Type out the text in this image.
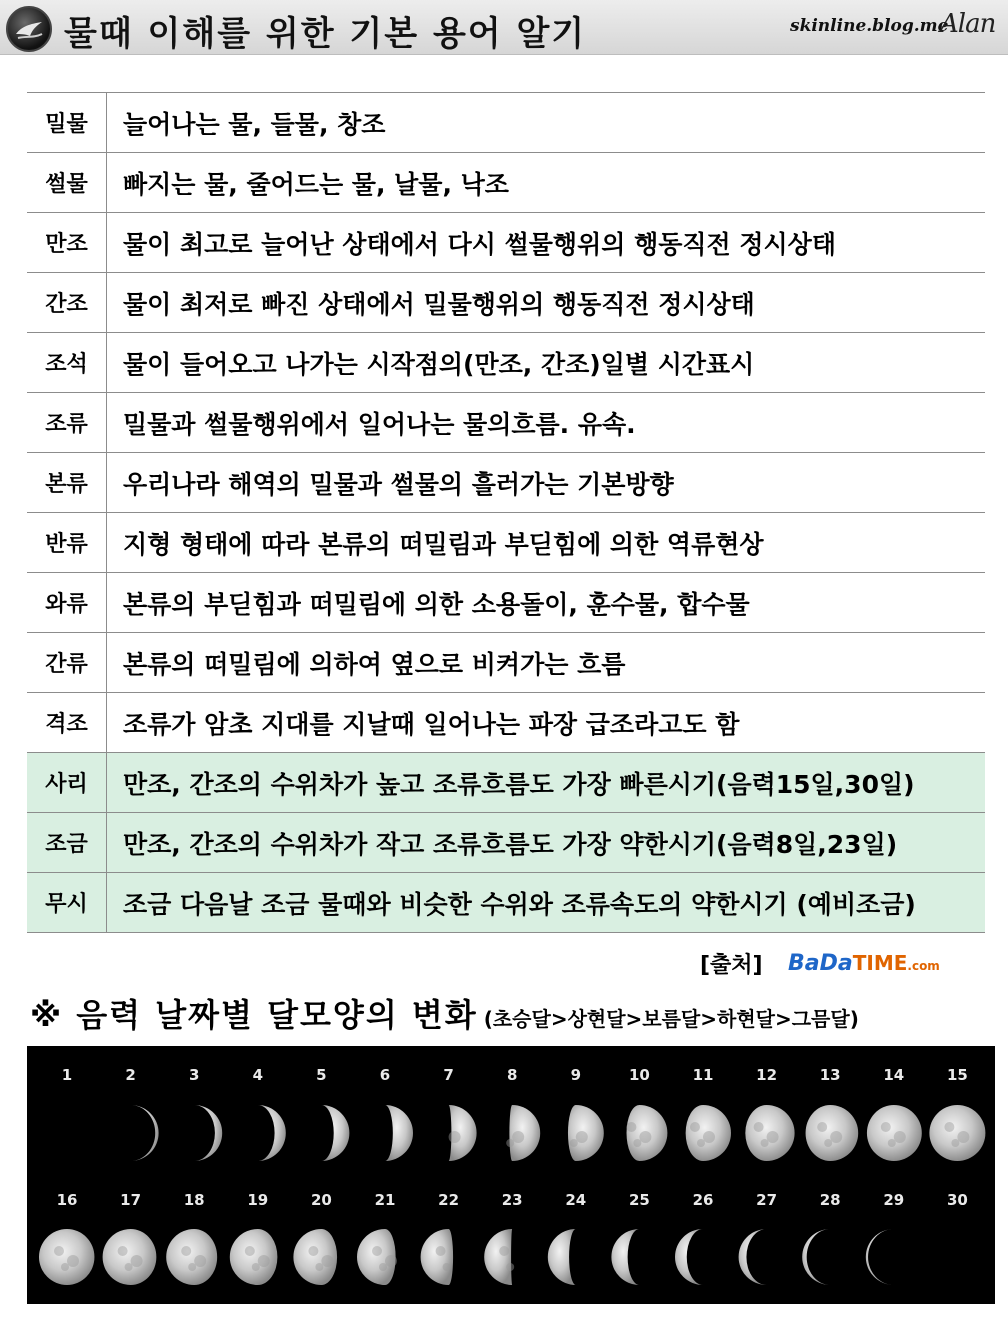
물때 이해를 위한 기본 용어 알기	skinline.blog.me
Alan
밀물	늘어나는 물, 들물, 창조
썰물	빠지는 물, 줄어드는 물, 날물, 낙조
만조	물이 최고로 늘어난 상태에서 다시 썰물행위의 행동직전 정시상태
간조	물이 최저로 빠진 상태에서 밀물행위의 행동직전 정시상태
조석	물이 들어오고 나가는 시작점의(만조, 간조)일별 시간표시
조류	밀물과 썰물행위에서 일어나는 물의흐름. 유속.
본류	우리나라 해역의 밀물과 썰물의 흘러가는 기본방향
반류	지형 형태에 따라 본류의 떠밀림과 부딛힘에 의한 역류현상
와류	본류의 부딛힘과 떠밀림에 의한 소용돌이, 훈수물, 합수물
간류	본류의 떠밀림에 의하여 옆으로 비켜가는 흐름
격조	조류가 암초 지대를 지날때 일어나는 파장 급조라고도 함
사리	만조, 간조의 수위차가 높고 조류흐름도 가장 빠른시기(음력15일,30일)
조금	만조, 간조의 수위차가 작고 조류흐름도 가장 약한시기(음력8일,23일)
무시	조금 다음날 조금 물때와 비슷한 수위와 조류속도의 약한시기 (예비조금)
[출처] BaDaTIME.com
※ 음력 날짜별 달모양의 변화 (초승달>상현달>보름달>하현달>그믐달)
1	2	3	4	5	6	7	8	9	10	11	12	13	14	15
16	17	18	19	20	21	22	23	24	25	26	27	28	29	30
